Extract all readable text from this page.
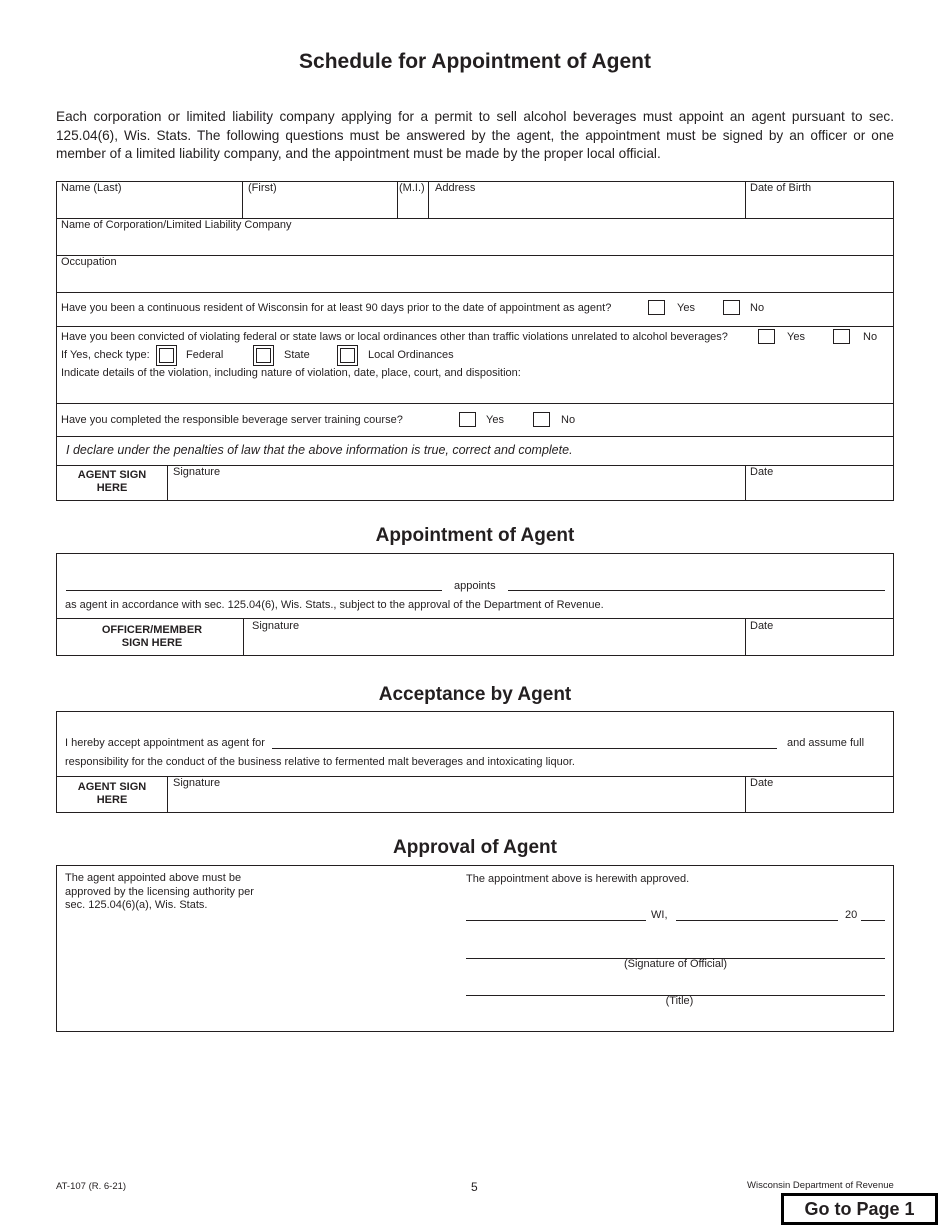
Schedule for Appointment of Agent
Each corporation or limited liability company applying for a permit to sell alcohol beverages must appoint an agent pursuant to sec. 125.04(6), Wis. Stats. The following questions must be answered by the agent, the appointment must be signed by an officer or one member of a limited liability company, and the appointment must be made by the proper local official.
Name (Last)	(First)	(M.I.) Address	Date of Birth
Name of Corporation/Limited Liability Company
Occupation
Have you been a continuous resident of Wisconsin for at least 90 days prior to the date of appointment as agent?	Yes	No
Have you been convicted of violating federal or state laws or local ordinances other than traffic violations unrelated to alcohol beverages?	Yes	No
If Yes, check type:	Federal	State	Local Ordinances
Indicate details of the violation, including nature of violation, date, place, court, and disposition:
Have you completed the responsible beverage server training course?	Yes	No
I declare under the penalties of law that the above information is true, correct and complete.
AGENT SIGN HERE
Signature	Date
Appointment of Agent
appoints
as agent in accordance with sec. 125.04(6), Wis. Stats., subject to the approval of the Department of Revenue.
OFFICER/MEMBER SIGN HERE
Signature	Date
Acceptance by Agent
I hereby accept appointment as agent for	and assume full
responsibility for the conduct of the business relative to fermented malt beverages and intoxicating liquor.
AGENT SIGN HERE
Signature	Date
Approval of Agent
The agent appointed above must be approved by the licensing authority per sec. 125.04(6)(a), Wis. Stats.
The appointment above is herewith approved.
WI,	20
(Signature of Official)
(Title)
AT-107 (R. 6-21)	5	Wisconsin Department of Revenue
Go to Page 1
